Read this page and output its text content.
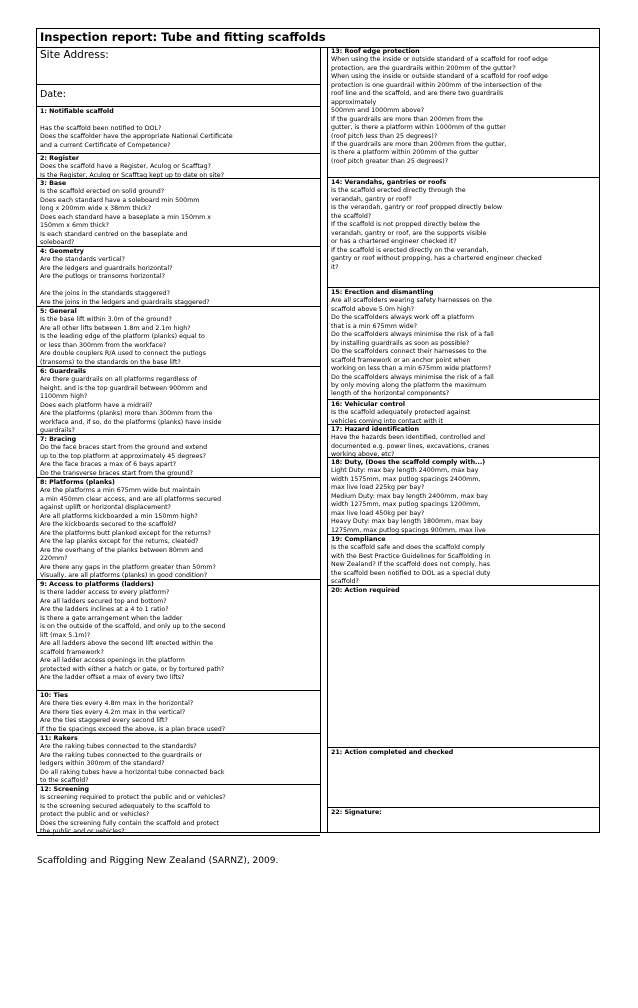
Inspection report: Tube and fitting scaffolds
Site Address:
Date:
1: Notifiable scaffold
Has the scaffold been notified to DOL?
Does the scaffolder have the appropriate National Certificate
and a current Certificate of Competence?
2: Register
Does the scaffold have a Register, Aculog or Scafftag?
Is the Register, Aculog or Scafftag kept up to date on site?
3: Base
Is the scaffold erected on solid ground?
Does each standard have a soleboard min 500mm
long x 200mm wide x 38mm thick?
Does each standard have a baseplate a min 150mm x
150mm x 6mm thick?
Is each standard centred on the baseplate and
soleboard?
4: Geometry
Are the standards vertical?
Are the ledgers and guardrails horizontal?
Are the putlogs or transoms horizontal?
Are the joins in the standards staggered?
Are the joins in the ledgers and guardrails staggered?
5: General
Is the base lift within 3.0m of the ground?
Are all other lifts between 1.8m and 2.1m high?
Is the leading edge of the platform (planks) equal to
or less than 300mm from the workface?
Are double couplers R/A used to connect the putlogs
(transoms) to the standards on the base lift?
6: Guardrails
Are there guardrails on all platforms regardless of
height, and is the top guardrail between 900mm and
1100mm high?
Does each platform have a midrail?
Are the platforms (planks) more than 300mm from the
workface and, if so, do the platforms (planks) have inside
guardrails?
7: Bracing
Do the face braces start from the ground and extend
up to the top platform at approximately 45 degrees?
Are the face braces a max of 6 bays apart?
Do the transverse braces start from the ground?
8: Platforms (planks)
Are the platforms a min 675mm wide but maintain
a min 450mm clear access, and are all platforms secured
against uplift or horizontal displacement?
Are all platforms kickboarded a min 150mm high?
Are the kickboards secured to the scaffold?
Are the platforms butt planked except for the returns?
Are the lap planks except for the returns, cleated?
Are the overhang of the planks between 80mm and
220mm?
Are there any gaps in the platform greater than 50mm?
Visually, are all platforms (planks) in good condition?
9: Access to platforms (ladders)
Is there ladder access to every platform?
Are all ladders secured top and bottom?
Are the ladders inclines at a 4 to 1 ratio?
Is there a gate arrangement when the ladder
is on the outside of the scaffold, and only up to the second
lift (max 5.1m)?
Are all ladders above the second lift erected within the
scaffold framework?
Are all ladder access openings in the platform
protected with either a hatch or gate, or by tortured path?
Are the ladder offset a max of every two lifts?
10: Ties
Are there ties every 4.8m max in the horizontal?
Are there ties every 4.2m max in the vertical?
Are the ties staggered every second lift?
If the tie spacings exceed the above, is a plan brace used?
11: Rakers
Are the raking tubes connected to the standards?
Are the raking tubes connected to the guardrails or
ledgers within 300mm of the standard?
Do all raking tubes have a horizontal tube connected back
to the scaffold?
12: Screening
Is screening required to protect the public and or vehicles?
Is the screening secured adequately to the scaffold to
protect the public and or vehicles?
Does the screening fully contain the scaffold and protect
the public and or vehicles?
13: Roof edge protection
When using the inside or outside standard of a scaffold for roof edge
protection, are the guardrails within 200mm of the gutter?
When using the inside or outside standard of a scaffold for roof edge
protection is one guardrail within 200mm of the intersection of the
roof line and the scaffold, and are there two guardrails
approximately
500mm and 1000mm above?
If the guardrails are more than 200mm from the
gutter, is there a platform within 1000mm of the gutter
(roof pitch less than 25 degrees)?
If the guardrails are more than 200mm from the gutter,
is there a platform within 200mm of the gutter
(roof pitch greater than 25 degrees)?
14: Verandahs, gantries or roofs
Is the scaffold erected directly through the
verandah, gantry or roof?
Is the verandah, gantry or roof propped directly below
the scaffold?
If the scaffold is not propped directly below the
verandah, gantry or roof, are the supports visible
or has a chartered engineer checked it?
If the scaffold is erected directly on the verandah,
gantry or roof without propping, has a chartered engineer checked
it?
15: Erection and dismantling
Are all scaffolders wearing safety harnesses on the
scaffold above 5.0m high?
Do the scaffolders always work off a platform
that is a min 675mm wide?
Do the scaffolders always minimise the risk of a fall
by installing guardrails as soon as possible?
Do the scaffolders connect their harnesses to the
scaffold framework or an anchor point when
working on less than a min 675mm wide platform?
Do the scaffolders always minimise the risk of a fall
by only moving along the platform the maximum
length of the horizontal components?
16: Vehicular control
Is the scaffold adequately protected against
vehicles coming into contact with it
17: Hazard identification
Have the hazards been identified, controlled and
documented e.g. power lines, excavations, cranes
working above, etc?
18: Duty, (Does the scaffold comply with...)
Light Duty: max bay length 2400mm, max bay
width 1575mm, max putlog spacings 2400mm,
max live load 225kg per bay?
Medium Duty: max bay length 2400mm, max bay
width 1275mm, max putlog spacings 1200mm,
max live load 450kg per bay?
Heavy Duty: max bay length 1800mm, max bay
1275mm, max putlog spacings 900mm, max live
19: Compliance
Is the scaffold safe and does the scaffold comply
with the Best Practice Guidelines for Scaffolding in
New Zealand? If the scaffold does not comply, has
the scaffold been notified to DOL as a special duty
scaffold?
20: Action required
21: Action completed and checked
22: Signature:
Scaffolding and Rigging New Zealand (SARNZ), 2009.
